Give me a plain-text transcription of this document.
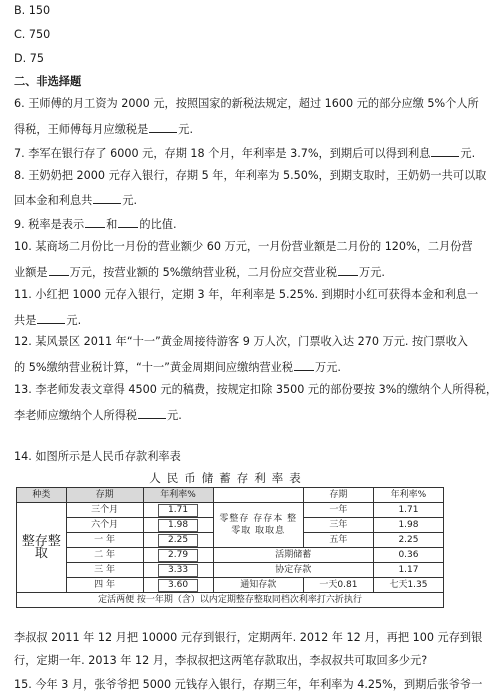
B. 150
C. 750
D. 75
二、非选择题
6. 王师傅的月工资为 2000 元，按照国家的新税法规定，超过 1600 元的部分应缴 5%个人所
得税，王师傅每月应缴税是	元.
7. 李军在银行存了 6000 元，存期 18 个月，年利率是 3.7%，到期后可以得到利息	元.
8. 王奶奶把 2000 元存入银行，存期 5 年，年利率为 5.50%，到期支取时，王奶奶一共可以取
回本金和利息共	元.
9. 税率是表示 和 的比值.
10. 某商场二月份比一月份的营业额少 60 万元，一月份营业额是二月份的 120%，二月份营
业额是 万元，按营业额的 5%缴纳营业税，二月份应交营业税 万元.
11. 小红把 1000 元存入银行，定期 3 年，年利率是 5.25%. 到期时小红可获得本金和利息一
共是	元.
12. 某风景区 2011 年“十一”黄金周接待游客 9 万人次，门票收入达 270 万元. 按门票收入
的 5%缴纳营业税计算，“十一”黄金周期间应缴纳营业税 万元.
13. 李老师发表文章得 4500 元的稿费，按规定扣除 3500 元的部份要按 3%的缴纳个人所得税，
李老师应缴纳个人所得税	元.
14. 如图所示是人民币存款利率表
人民币储蓄存利率表
种类	存期	年利率%		存期	年利率%
整存整取	三个月	1.71	零整存 存存本 整零取 取取息	一年	1.71
	六个月	1.98		三年	1.98
	一 年	2.25		五年	2.25
	二 年	2.79	活期储蓄		0.36
	三 年	3.33	协定存款		1.17
	四 年	3.60	通知存款	一天0.81	七天1.35
定活两便 按一年期（含）以内定期整存整取同档次利率打六折执行					
李叔叔 2011 年 12 月把 10000 元存到银行，定期两年. 2012 年 12 月，再把 100 元存到银
行，定期一年. 2013 年 12 月，李叔叔把这两笔存款取出，李叔叔共可取回多少元?
15. 今年 3 月，张爷爷把 5000 元钱存入银行，存期三年，年利率为 4.25%，到期后张爷爷一
